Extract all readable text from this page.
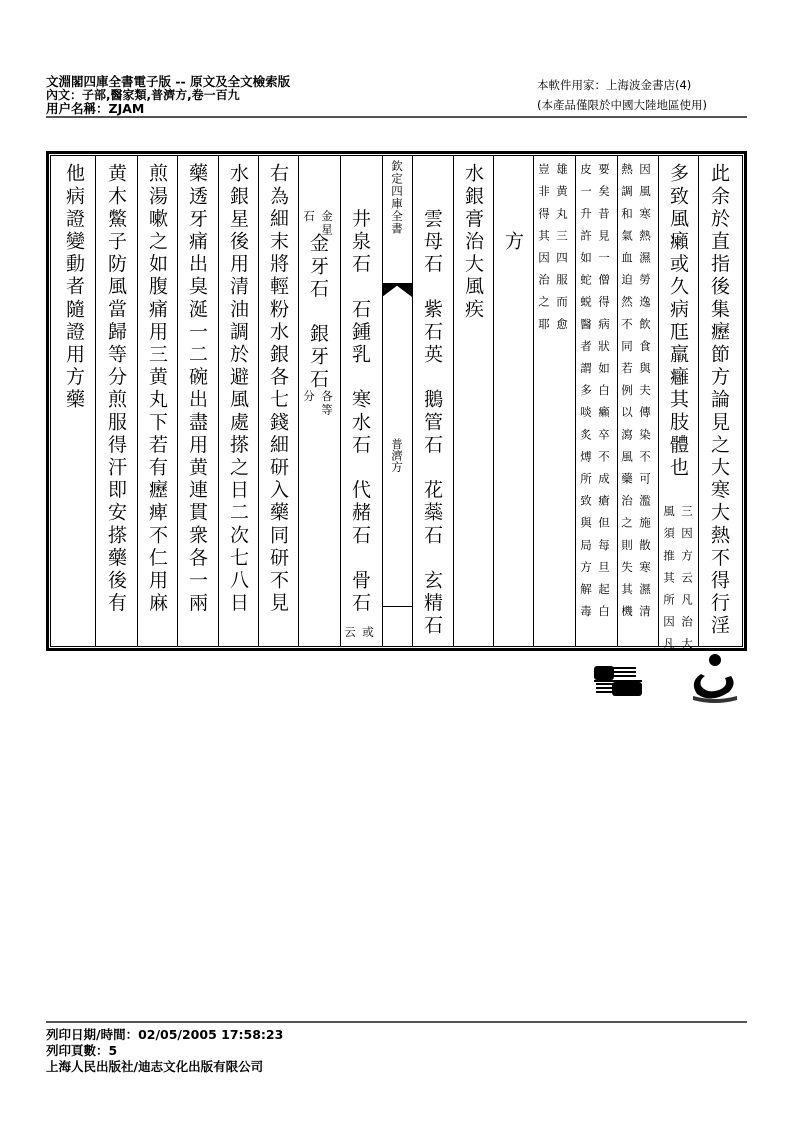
文淵閣四庫全書電子版 -- 原文及全文檢索版
內文：子部,醫家類,普濟方,卷一百九
本軟件用家：上海波金書店(4)
(本產品僅限於中國大陸地區使用)
此余於直指後集癧節方論見之大寒大熱不得行淫
多致風癩或久病尫羸癰其肢體也
三因方云凡治大
風須推其所因凡
因風寒熱濕勞逸飲食與夫傳染不可濫施散寒濕清
熱調和氣血迫然不同若例以瀉風藥治之則失其機
要矣昔見一僧得病狀如白癩卒不成瘡但每旦起白
皮一升許如蛇蜕醫者謂多啖炙煿所致與局方解毒
雄黄丸三四服而愈
豈非得其因治之耶
　　　方
水銀膏治大風疾
　　雲母石　紫石英　鵝管石　花蘂石　玄精石
欽定四庫全書
普濟方
　　井泉石　石鍾乳　寒水石　代赭石　骨石
或
云
金星
石
金牙石　銀牙石
各等
分
右為細末將輕粉水銀各七錢細研入藥同研不見
水銀星後用清油調於避風處搽之日二次七八日
藥透牙痛出臭涎一二碗出盡用黄連貫衆各一兩
煎湯嗽之如腹痛用三黄丸下若有癧痺不仁用麻
黄木鱉子防風當歸等分煎服得汗即安搽藥後有
他病證變動者隨證用方藥
列印日期/時間：02/05/2005 17:58:23
列印頁數：5
上海人民出版社/迪志文化出版有限公司
用户名稱：ZJAM
